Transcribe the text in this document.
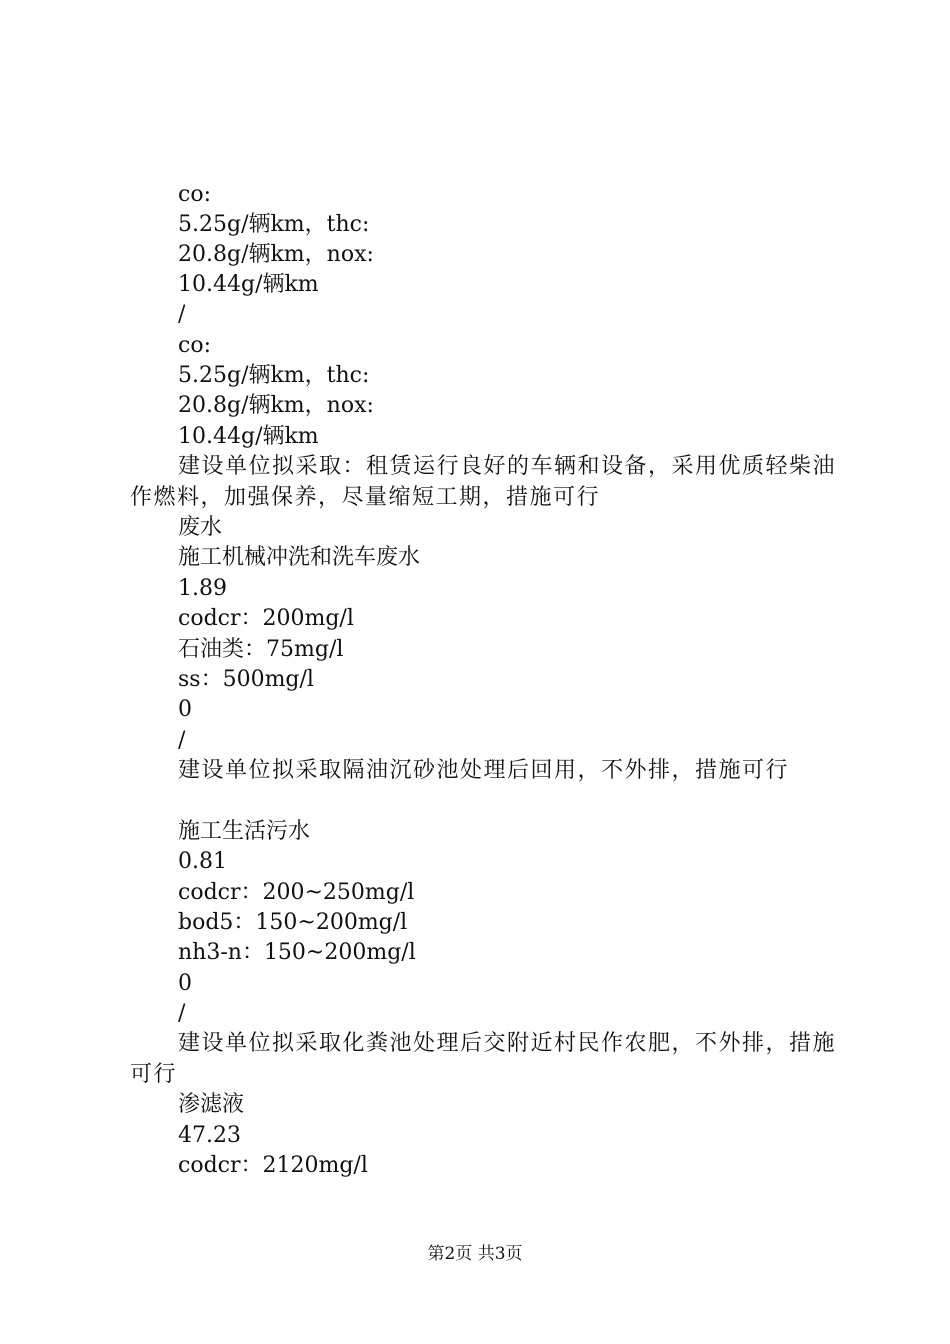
co:
5.25g/辆km，thc:
20.8g/辆km，nox:
10.44g/辆km
/
co:
5.25g/辆km，thc:
20.8g/辆km，nox:
10.44g/辆km
建设单位拟采取：租赁运行良好的车辆和设备，采用优质轻柴油作燃料，加强保养，尽量缩短工期，措施可行
废水
施工机械冲洗和洗车废水
1.89
codcr：200mg/l
石油类：75mg/l
ss：500mg/l
0
/
建设单位拟采取隔油沉砂池处理后回用，不外排，措施可行
施工生活污水
0.81
codcr：200~250mg/l
bod5：150~200mg/l
nh3-n：150~200mg/l
0
/
建设单位拟采取化粪池处理后交附近村民作农肥，不外排，措施可行
渗滤液
47.23
codcr：2120mg/l
第2页 共3页
